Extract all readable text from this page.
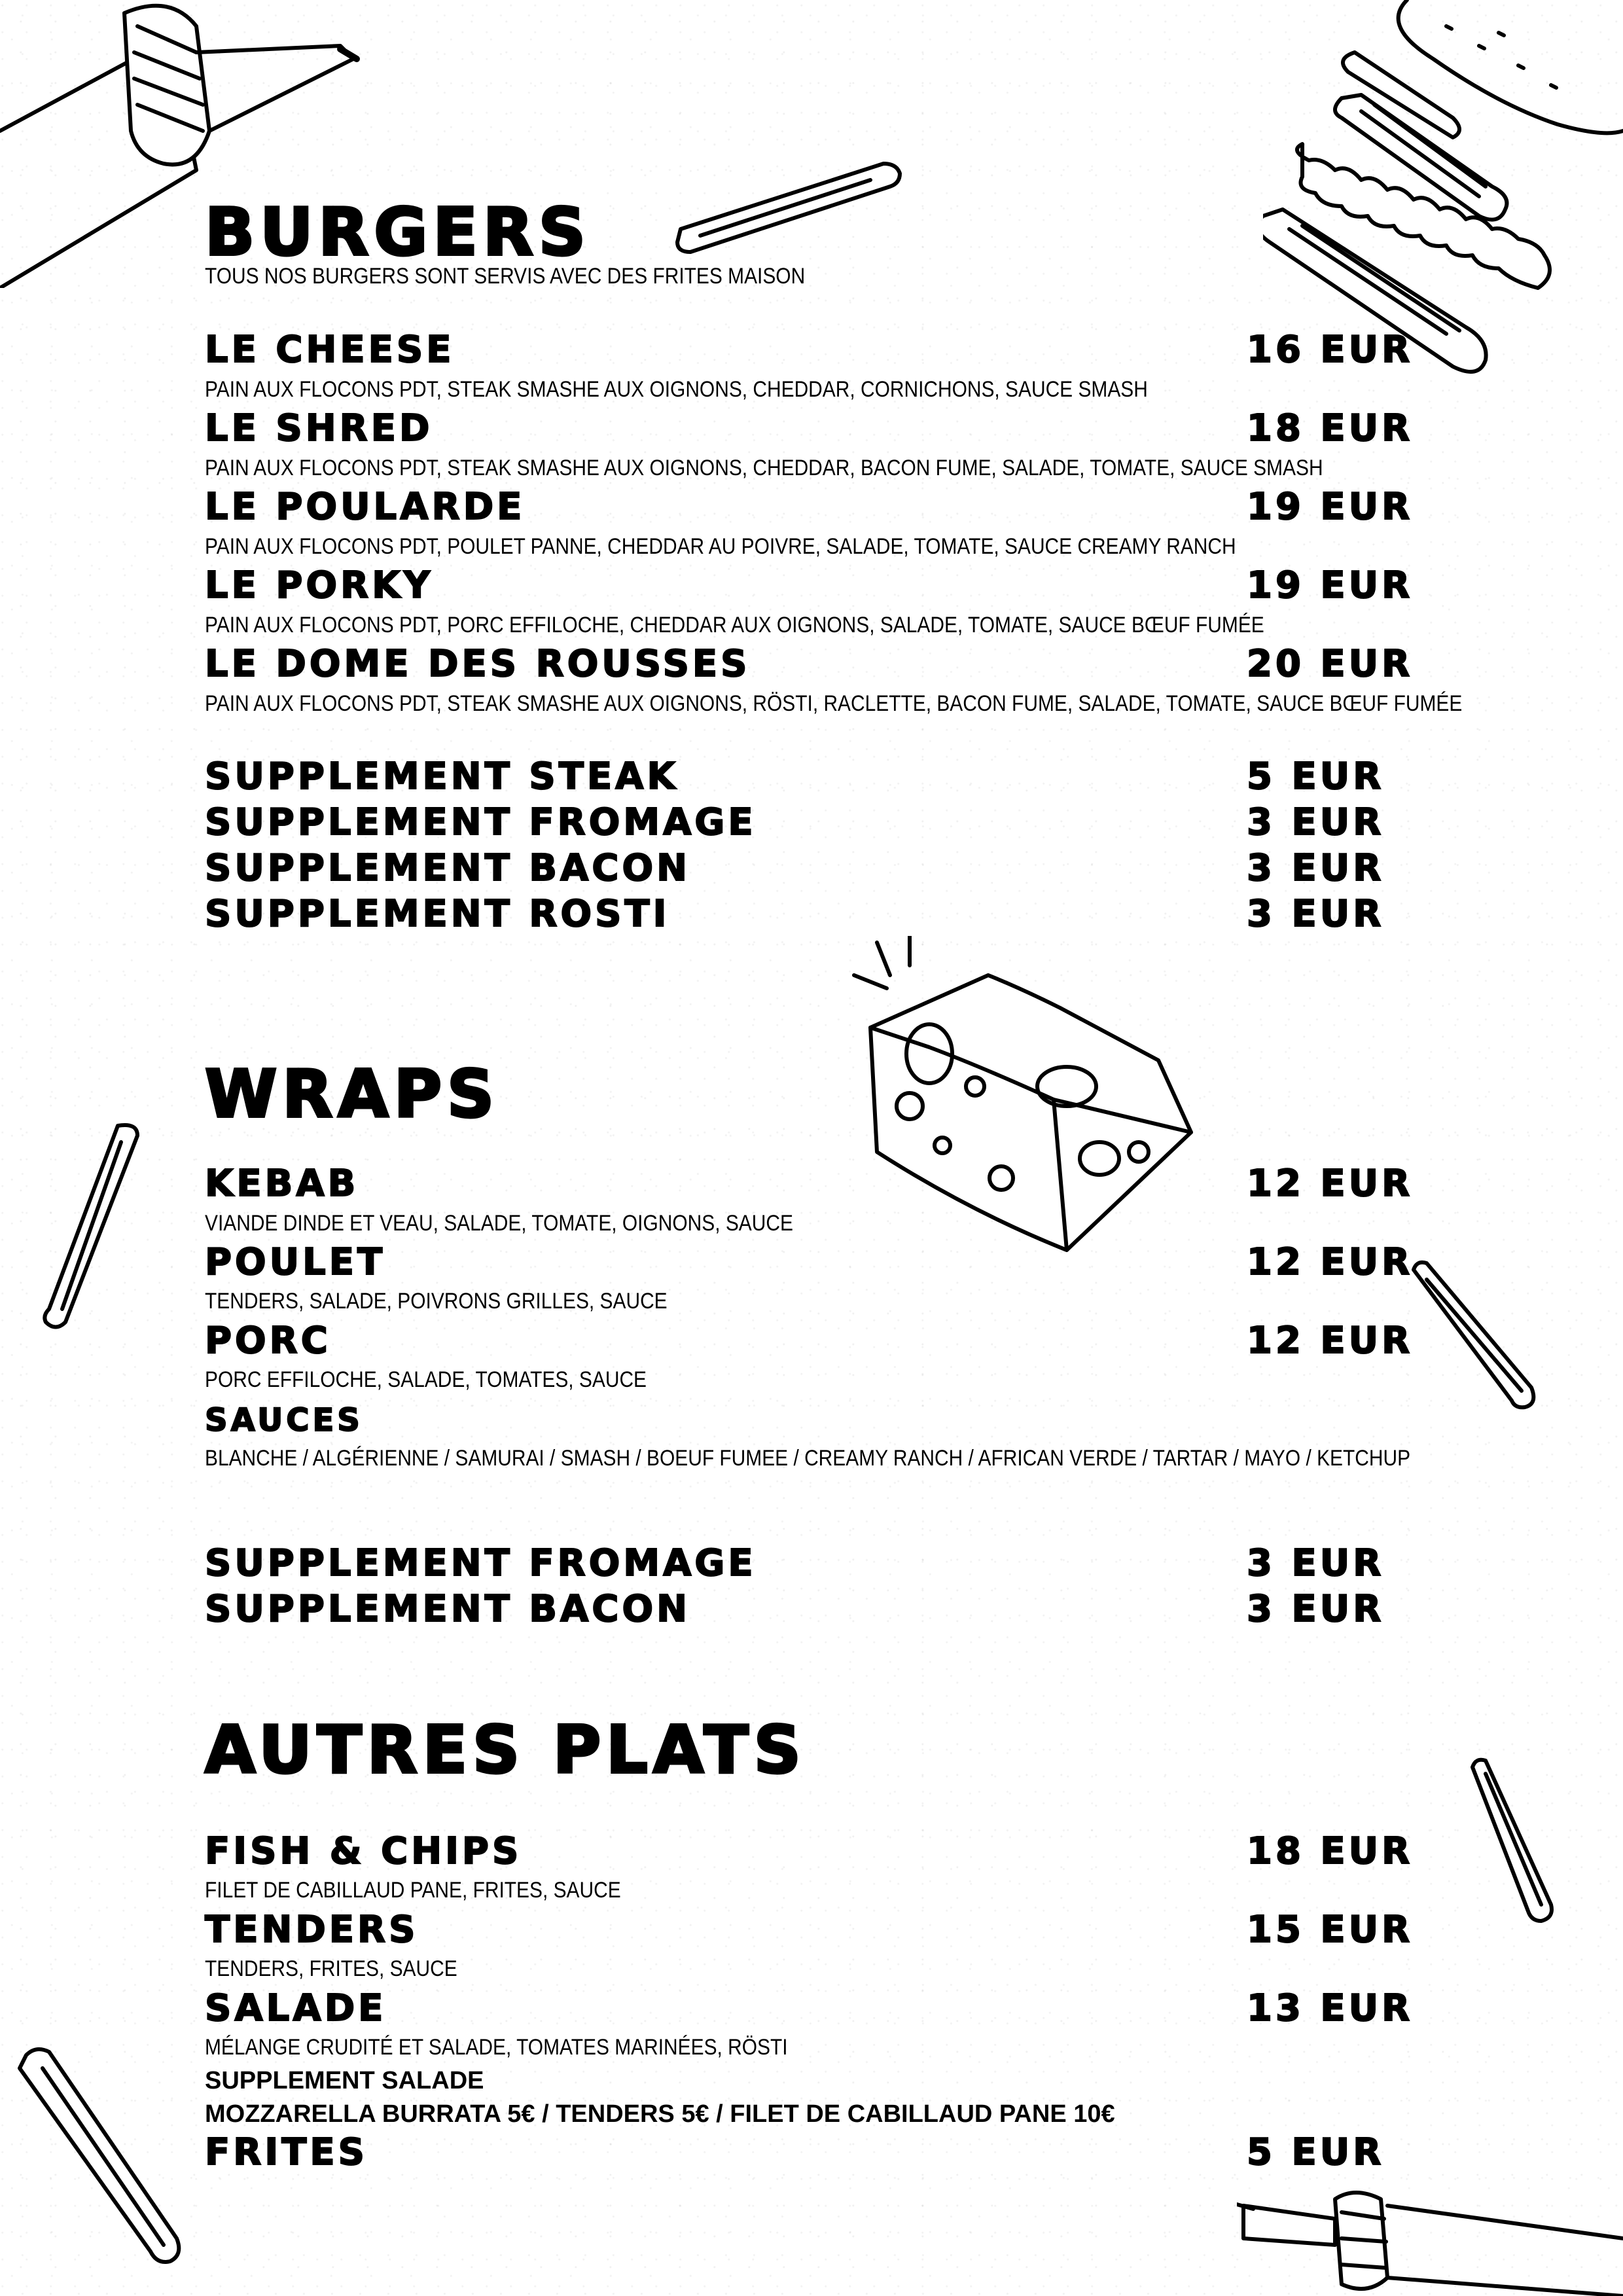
BURGERS

TOUS NOS BURGERS SONT SERVIS AVEC DES FRITES MAISON

LE CHEESE	16 EUR

PAIN AUX FLOCONS PDT, STEAK SMASHE AUX OIGNONS, CHEDDAR, CORNICHONS, SAUCE SMASH

LE SHRED	18 EUR

PAIN AUX FLOCONS PDT, STEAK SMASHE AUX OIGNONS, CHEDDAR, BACON FUME, SALADE, TOMATE, SAUCE SMASH

LE POULARDE	19 EUR

PAIN AUX FLOCONS PDT, POULET PANNE, CHEDDAR AU POIVRE, SALADE, TOMATE, SAUCE CREAMY RANCH

LE PORKY	19 EUR

PAIN AUX FLOCONS PDT, PORC EFFILOCHE, CHEDDAR AUX OIGNONS, SALADE, TOMATE, SAUCE BŒUF FUMÉE

LE DOME DES ROUSSES	20 EUR

PAIN AUX FLOCONS PDT, STEAK SMASHE AUX OIGNONS, RÖSTI, RACLETTE, BACON FUME, SALADE, TOMATE, SAUCE BŒUF FUMÉE

SUPPLEMENT STEAK	5 EUR

SUPPLEMENT FROMAGE	3 EUR

SUPPLEMENT BACON	3 EUR

SUPPLEMENT ROSTI	3 EUR

WRAPS

KEBAB	12 EUR

VIANDE DINDE ET VEAU, SALADE, TOMATE, OIGNONS, SAUCE

POULET	12 EUR

TENDERS, SALADE, POIVRONS GRILLES, SAUCE

PORC	12 EUR

PORC EFFILOCHE, SALADE, TOMATES, SAUCE

SAUCES

BLANCHE / ALGÉRIENNE / SAMURAI / SMASH / BOEUF FUMEE / CREAMY RANCH / AFRICAN VERDE / TARTAR / MAYO / KETCHUP

SUPPLEMENT FROMAGE	3 EUR

SUPPLEMENT BACON	3 EUR

AUTRES PLATS

FISH & CHIPS	18 EUR

FILET DE CABILLAUD PANE, FRITES, SAUCE

TENDERS	15 EUR

TENDERS, FRITES, SAUCE

SALADE	13 EUR

MÉLANGE CRUDITÉ ET SALADE, TOMATES MARINÉES, RÖSTI

SUPPLEMENT SALADE

MOZZARELLA BURRATA 5€ / TENDERS 5€ / FILET DE CABILLAUD PANE 10€

FRITES	5 EUR
